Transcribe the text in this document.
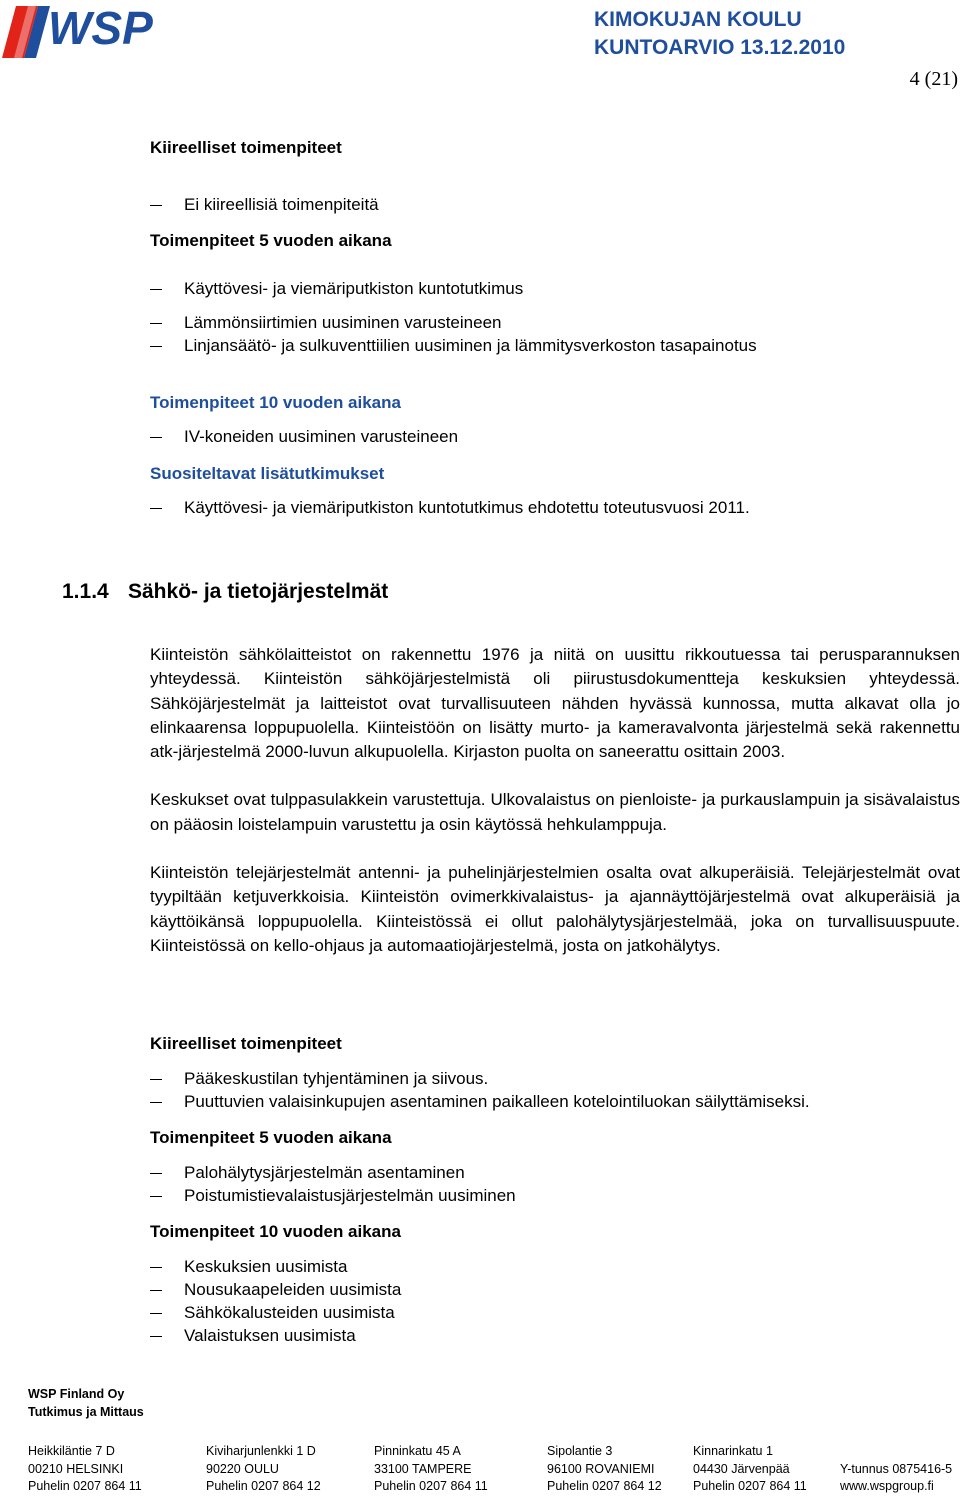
WSP	KIMOKUJAN KOULU
KUNTOARVIO 13.12.2010
4 (21)
Kiireelliset toimenpiteet
Ei kiireellisiä toimenpiteitä
Toimenpiteet 5 vuoden aikana
Käyttövesi- ja viemäriputkiston kuntotutkimus
Lämmönsiirtimien uusiminen varusteineen
Linjansäätö- ja sulkuventtiilien uusiminen ja lämmitysverkoston tasapainotus
Toimenpiteet 10 vuoden aikana
IV-koneiden uusiminen varusteineen
Suositeltavat lisätutkimukset
Käyttövesi- ja viemäriputkiston kuntotutkimus ehdotettu toteutusvuosi 2011.
1.1.4 Sähkö- ja tietojärjestelmät

Kiinteistön sähkölaitteistot on rakennettu 1976 ja niitä on uusittu rikkoutuessa tai perusparannuksen yhteydessä. Kiinteistön sähköjärjestelmistä oli piirustusdokumentteja keskuksien yhteydessä. Sähköjärjestelmät ja laitteistot ovat turvallisuuteen nähden hyvässä kunnossa, mutta alkavat olla jo elinkaarensa loppupuolella. Kiinteistöön on lisätty murto- ja kameravalvonta järjestelmä sekä rakennettu atk-järjestelmä 2000-luvun alkupuolella. Kirjaston puolta on saneerattu osittain 2003.

Keskukset ovat tulppasulakkein varustettuja. Ulkovalaistus on pienloiste- ja purkauslampuin ja sisävalaistus on pääosin loistelampuin varustettu ja osin käytössä hehkulamppuja.

Kiinteistön telejärjestelmät antenni- ja puhelinjärjestelmien osalta ovat alkuperäisiä. Telejärjestelmät ovat tyypiltään ketjuverkkoisia. Kiinteistön ovimerkkivalaistus- ja ajannäyttöjärjestelmä ovat alkuperäisiä ja käyttöikänsä loppupuolella. Kiinteistössä ei ollut palohälytysjärjestelmää, joka on turvallisuuspuute. Kiinteistössä on kello-ohjaus ja automaatiojärjestelmä, josta on jatkohälytys.

Kiireelliset toimenpiteet
Pääkeskustilan tyhjentäminen ja siivous.
Puuttuvien valaisinkupujen asentaminen paikalleen kotelointiluokan säilyttämiseksi.
Toimenpiteet 5 vuoden aikana
Palohälytysjärjestelmän asentaminen
Poistumistievalaistusjärjestelmän uusiminen
Toimenpiteet 10 vuoden aikana
Keskuksien uusimista
Nousukaapeleiden uusimista
Sähkökalusteiden uusimista
Valaistuksen uusimista
WSP Finland Oy
Tutkimus ja Mittaus
Heikkiläntie 7 D
00210 HELSINKI
Puhelin 0207 864 11
Kiviharjunlenkki 1 D
90220 OULU
Puhelin 0207 864 12
Pinninkatu 45 A
33100 TAMPERE
Puhelin 0207 864 11
Sipolantie 3
96100 ROVANIEMI
Puhelin 0207 864 12
Kinnarinkatu 1
04430 Järvenpää
Puhelin 0207 864 11
Y-tunnus 0875416-5
www.wspgroup.fi
